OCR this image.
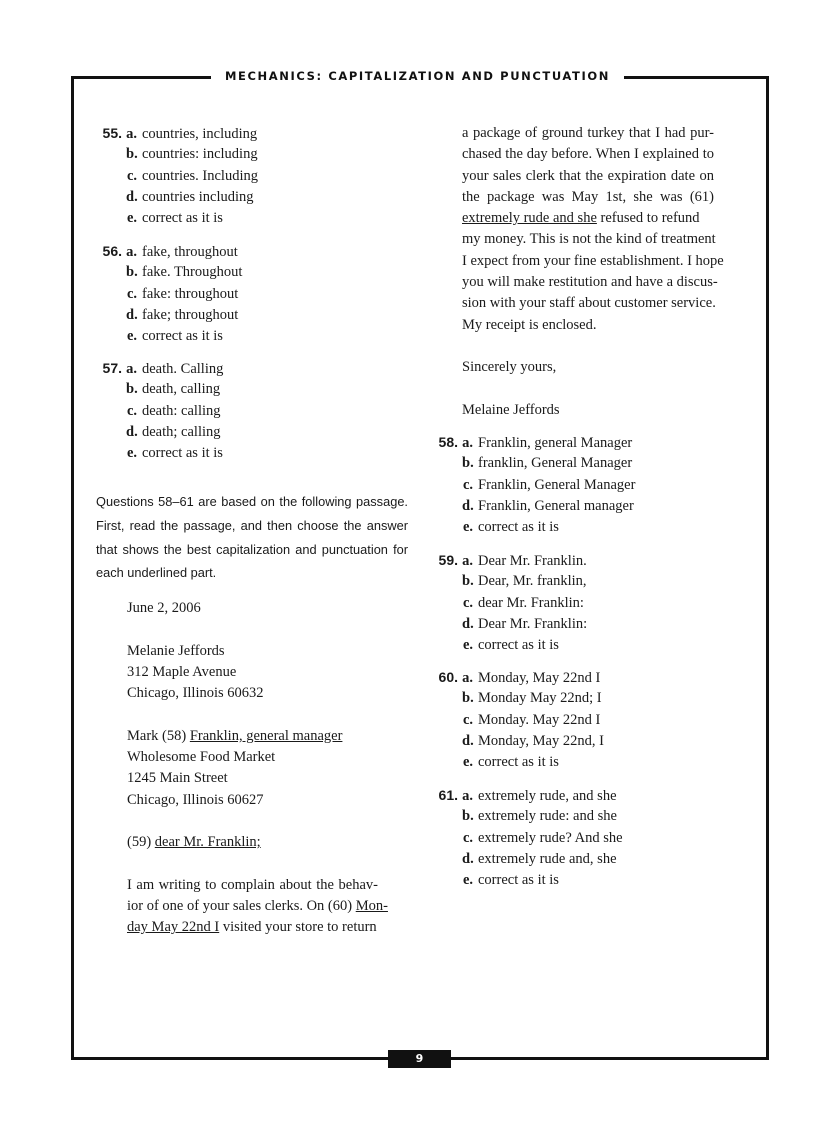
MECHANICS: CAPITALIZATION AND PUNCTUATION
9
55. a. countries, including
b. countries: including
c. countries. Including
d. countries including
e. correct as it is
56. a. fake, throughout
b. fake. Throughout
c. fake: throughout
d. fake; throughout
e. correct as it is
57. a. death. Calling
b. death, calling
c. death: calling
d. death; calling
e. correct as it is
Questions 58–61 are based on the following passage. First, read the passage, and then choose the answer that shows the best capitalization and punctuation for each underlined part.
June 2, 2006
Melanie Jeffords
312 Maple Avenue
Chicago, Illinois 60632
Mark (58) Franklin, general manager
Wholesome Food Market
1245 Main Street
Chicago, Illinois 60627
(59) dear Mr. Franklin;
I am writing to complain about the behav-
ior of one of your sales clerks. On (60) Mon-
day May 22nd I visited your store to return
a package of ground turkey that I had pur-
chased the day before. When I explained to
your sales clerk that the expiration date on
the package was May 1st, she was (61)
extremely rude and she refused to refund
my money. This is not the kind of treatment
I expect from your fine establishment. I hope
you will make restitution and have a discus-
sion with your staff about customer service.
My receipt is enclosed.
Sincerely yours,
Melaine Jeffords
58. a. Franklin, general Manager
b. franklin, General Manager
c. Franklin, General Manager
d. Franklin, General manager
e. correct as it is
59. a. Dear Mr. Franklin.
b. Dear, Mr. franklin,
c. dear Mr. Franklin:
d. Dear Mr. Franklin:
e. correct as it is
60. a. Monday, May 22nd I
b. Monday May 22nd; I
c. Monday. May 22nd I
d. Monday, May 22nd, I
e. correct as it is
61. a. extremely rude, and she
b. extremely rude: and she
c. extremely rude? And she
d. extremely rude and, she
e. correct as it is
